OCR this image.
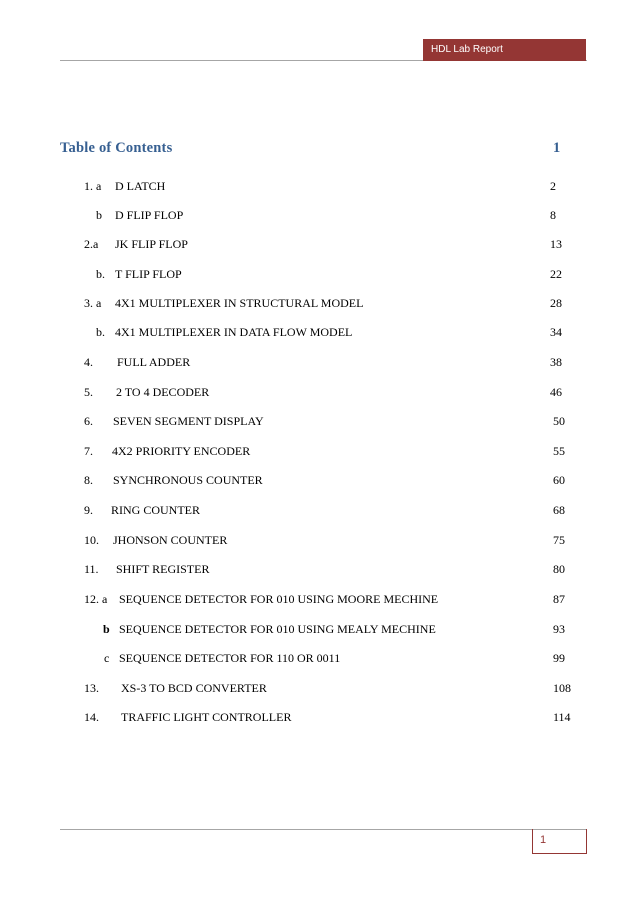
HDL Lab Report
Table of Contents	1
1. a D LATCH	2
b D FLIP FLOP	8
2.a JK FLIP FLOP	13
b. T FLIP FLOP	22
3. a 4X1 MULTIPLEXER IN STRUCTURAL MODEL	28
b. 4X1 MULTIPLEXER IN DATA FLOW MODEL	34
4. FULL ADDER	38
5. 2 TO 4 DECODER	46
6. SEVEN SEGMENT DISPLAY	50
7. 4X2 PRIORITY ENCODER	55
8. SYNCHRONOUS COUNTER	60
9. RING COUNTER	68
10. JHONSON COUNTER	75
11. SHIFT REGISTER	80
12. a SEQUENCE DETECTOR FOR 010 USING MOORE MECHINE	87
b SEQUENCE DETECTOR FOR 010 USING MEALY MECHINE	93
c SEQUENCE DETECTOR FOR 110 OR 0011	99
13. XS-3 TO BCD CONVERTER	108
14. TRAFFIC LIGHT CONTROLLER	114
1
